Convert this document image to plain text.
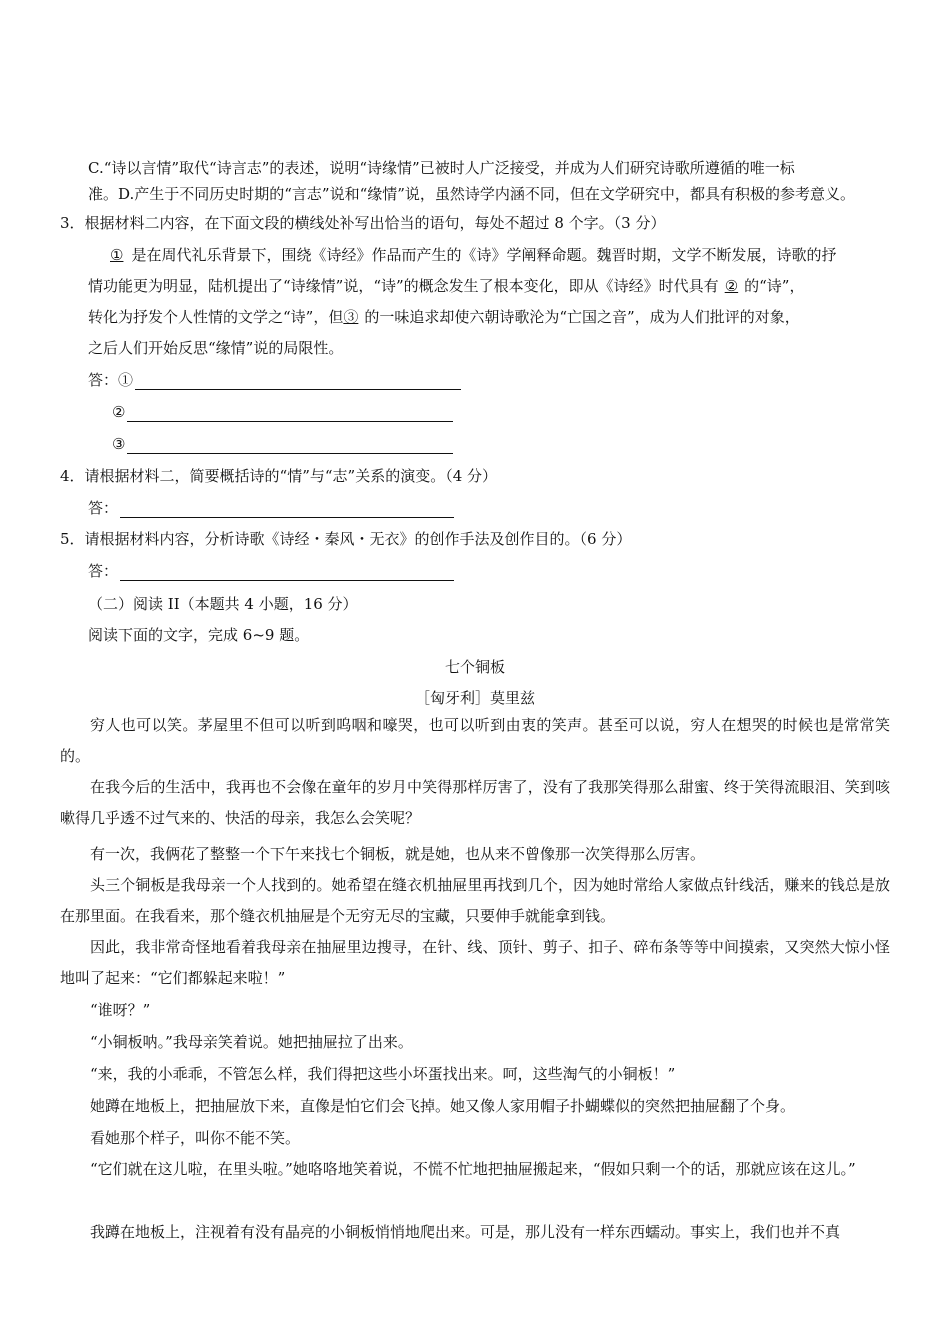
C.“诗以言情”取代“诗言志”的表述，说明“诗缘情”已被时人广泛接受，并成为人们研究诗歌所遵循的唯一标
准。D.产生于不同历史时期的“言志”说和“缘情”说，虽然诗学内涵不同，但在文学研究中，都具有积极的参考意义。
3．根据材料二内容，在下面文段的横线处补写出恰当的语句，每处不超过 8 个字。（3 分）
① 是在周代礼乐背景下，围绕《诗经》作品而产生的《诗》学阐释命题。魏晋时期，文学不断发展，诗歌的抒
情功能更为明显，陆机提出了“诗缘情”说，“诗”的概念发生了根本变化，即从《诗经》时代具有 ② 的“诗”，
转化为抒发个人性情的文学之“诗”，但③ 的一味追求却使六朝诗歌沦为“亡国之音”，成为人们批评的对象，
之后人们开始反思“缘情”说的局限性。
答：①
②
③
4．请根据材料二，简要概括诗的“情”与“志”关系的演变。（4 分）
答：
5．请根据材料内容，分析诗歌《诗经・秦风・无衣》的创作手法及创作目的。（6 分）
答：
（二）阅读 II（本题共 4 小题，16 分）
阅读下面的文字，完成 6~9 题。
七个铜板
［匈牙利］莫里兹
穷人也可以笑。茅屋里不但可以听到呜咽和嚎哭，也可以听到由衷的笑声。甚至可以说，穷人在想哭的时候也是常常笑的。
在我今后的生活中，我再也不会像在童年的岁月中笑得那样厉害了，没有了我那笑得那么甜蜜、终于笑得流眼泪、笑到咳嗽得几乎透不过气来的、快活的母亲，我怎么会笑呢？
有一次，我俩花了整整一个下午来找七个铜板，就是她，也从来不曾像那一次笑得那么厉害。
头三个铜板是我母亲一个人找到的。她希望在缝衣机抽屉里再找到几个，因为她时常给人家做点针线活，赚来的钱总是放在那里面。在我看来，那个缝衣机抽屉是个无穷无尽的宝藏，只要伸手就能拿到钱。
因此，我非常奇怪地看着我母亲在抽屉里边搜寻，在针、线、顶针、剪子、扣子、碎布条等等中间摸索，又突然大惊小怪地叫了起来：“它们都躲起来啦！”
“谁呀？”
“小铜板呐。”我母亲笑着说。她把抽屉拉了出来。
“来，我的小乖乖，不管怎么样，我们得把这些小坏蛋找出来。呵，这些淘气的小铜板！”
她蹲在地板上，把抽屉放下来，直像是怕它们会飞掉。她又像人家用帽子扑蝴蝶似的突然把抽屉翻了个身。
看她那个样子，叫你不能不笑。
“它们就在这儿啦，在里头啦。”她咯咯地笑着说，不慌不忙地把抽屉搬起来，“假如只剩一个的话，那就应该在这儿。”
我蹲在地板上，注视着有没有晶亮的小铜板悄悄地爬出来。可是，那儿没有一样东西蠕动。事实上，我们也并不真
